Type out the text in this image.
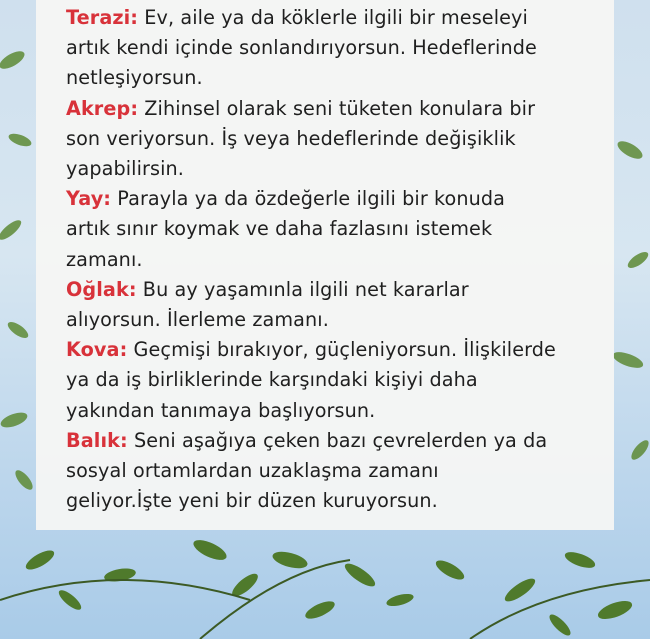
Terazi: Ev, aile ya da köklerle ilgili bir meseleyi
artık kendi içinde sonlandırıyorsun. Hedeflerinde
netleşiyorsun.

Akrep: Zihinsel olarak seni tüketen konulara bir
son veriyorsun. İş veya hedeflerinde değişiklik
yapabilirsin.

Yay: Parayla ya da özdeğerle ilgili bir konuda
artık sınır koymak ve daha fazlasını istemek
zamanı.

Oğlak: Bu ay yaşamınla ilgili net kararlar
alıyorsun. İlerleme zamanı.

Kova: Geçmişi bırakıyor, güçleniyorsun. İlişkilerde
ya da iş birliklerinde karşındaki kişiyi daha
yakından tanımaya başlıyorsun.

Balık: Seni aşağıya çeken bazı çevrelerden ya da
sosyal ortamlardan uzaklaşma zamanı
geliyor.İşte yeni bir düzen kuruyorsun.
